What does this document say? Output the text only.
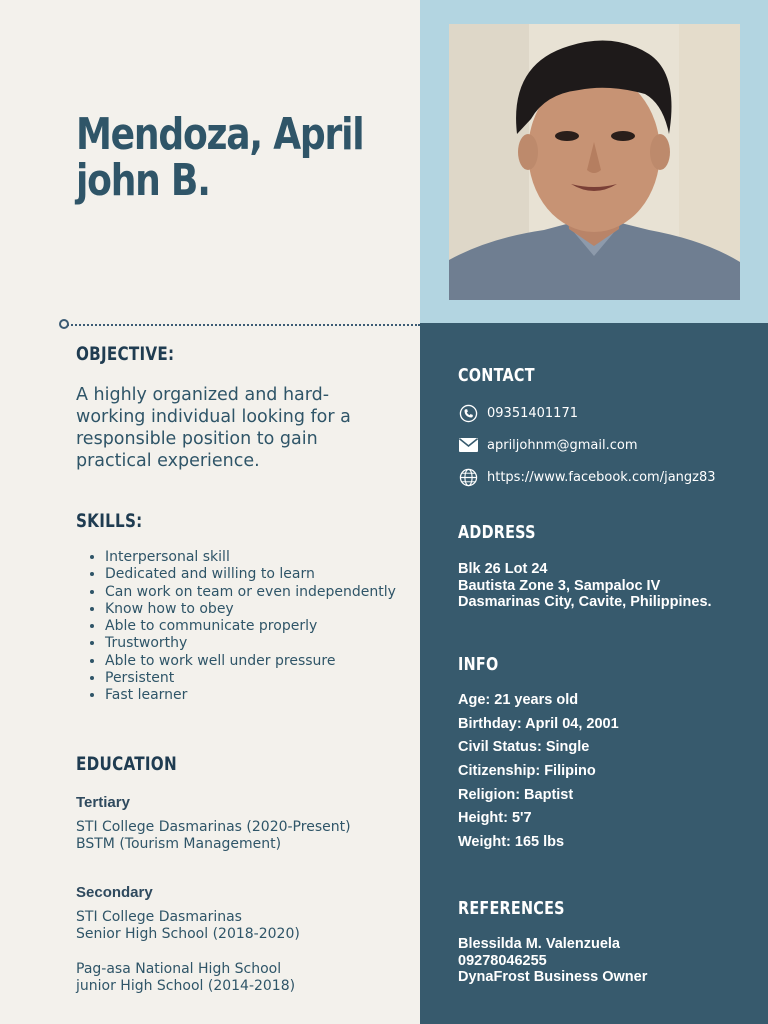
Mendoza, April
john B.
OBJECTIVE:
A highly organized and hard-working individual looking for a responsible position to gain practical experience.
SKILLS:
• Interpersonal skill
• Dedicated and willing to learn
• Can work on team or even independently
• Know how to obey
• Able to communicate properly
• Trustworthy
• Able to work well under pressure
• Persistent
• Fast learner
EDUCATION
Tertiary
STI College Dasmarinas (2020-Present)
BSTM (Tourism Management)
Secondary
STI College Dasmarinas
Senior High School (2018-2020)
Pag-asa National High School
junior High School (2014-2018)
CONTACT
09351401171
apriljohnm@gmail.com
https://www.facebook.com/jangz83
ADDRESS
Blk 26 Lot 24
Bautista Zone 3, Sampaloc IV
Dasmarinas City, Cavite, Philippines.
INFO
Age: 21 years old
Birthday: April 04, 2001
Civil Status: Single
Citizenship: Filipino
Religion: Baptist
Height: 5'7
Weight: 165 lbs
REFERENCES
Blessilda M. Valenzuela
09278046255
DynaFrost Business Owner
